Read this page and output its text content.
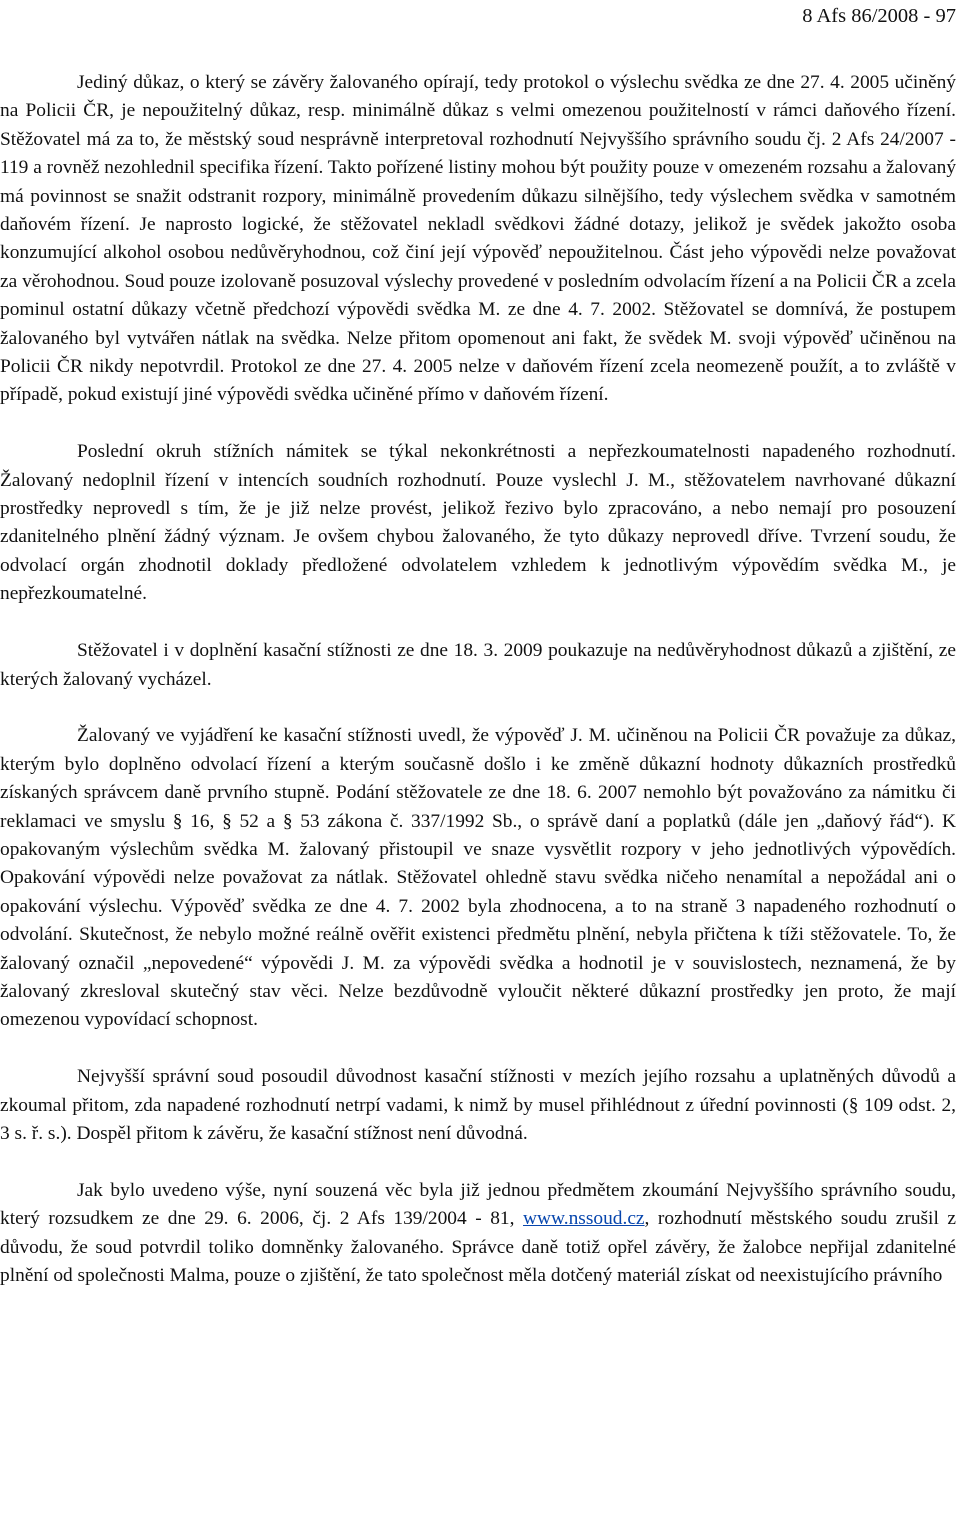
8 Afs 86/2008 - 97

Jediný důkaz, o který se závěry žalovaného opírají, tedy protokol o výslechu svědka ze dne 27. 4. 2005 učiněný na Policii ČR, je nepoužitelný důkaz, resp. minimálně důkaz s velmi omezenou použitelností v rámci daňového řízení. Stěžovatel má za to, že městský soud nesprávně interpretoval rozhodnutí Nejvyššího správního soudu čj. 2 Afs 24/2007 - 119 a rovněž nezohlednil specifika řízení. Takto pořízené listiny mohou být použity pouze v omezeném rozsahu a žalovaný má povinnost se snažit odstranit rozpory, minimálně provedením důkazu silnějšího, tedy výslechem svědka v samotném daňovém řízení. Je naprosto logické, že stěžovatel nekladl svědkovi žádné dotazy, jelikož je svědek jakožto osoba konzumující alkohol osobou nedůvěryhodnou, což činí její výpověď nepoužitelnou. Část jeho výpovědi nelze považovat za věrohodnou. Soud pouze izolovaně posuzoval výslechy provedené v posledním odvolacím řízení a na Policii ČR a zcela pominul ostatní důkazy včetně předchozí výpovědi svědka M. ze dne 4. 7. 2002. Stěžovatel se domnívá, že postupem žalovaného byl vytvářen nátlak na svědka. Nelze přitom opomenout ani fakt, že svědek M. svoji výpověď učiněnou na Policii ČR nikdy nepotvrdil. Protokol ze dne 27. 4. 2005 nelze v daňovém řízení zcela neomezeně použít, a to zvláště v případě, pokud existují jiné výpovědi svědka učiněné přímo v daňovém řízení.

Poslední okruh stížních námitek se týkal nekonkrétnosti a nepřezkoumatelnosti napadeného rozhodnutí. Žalovaný nedoplnil řízení v intencích soudních rozhodnutí. Pouze vyslechl J. M., stěžovatelem navrhované důkazní prostředky neprovedl s tím, že je již nelze provést, jelikož řezivo bylo zpracováno, a nebo nemají pro posouzení zdanitelného plnění žádný význam. Je ovšem chybou žalovaného, že tyto důkazy neprovedl dříve. Tvrzení soudu, že odvolací orgán zhodnotil doklady předložené odvolatelem vzhledem k jednotlivým výpovědím svědka M., je nepřezkoumatelné.

Stěžovatel i v doplnění kasační stížnosti ze dne 18. 3. 2009 poukazuje na nedůvěryhodnost důkazů a zjištění, ze kterých žalovaný vycházel.

Žalovaný ve vyjádření ke kasační stížnosti uvedl, že výpověď J. M. učiněnou na Policii ČR považuje za důkaz, kterým bylo doplněno odvolací řízení a kterým současně došlo i ke změně důkazní hodnoty důkazních prostředků získaných správcem daně prvního stupně. Podání stěžovatele ze dne 18. 6. 2007 nemohlo být považováno za námitku či reklamaci ve smyslu § 16, § 52 a § 53 zákona č. 337/1992 Sb., o správě daní a poplatků (dále jen „daňový řád“). K opakovaným výslechům svědka M. žalovaný přistoupil ve snaze vysvětlit rozpory v jeho jednotlivých výpovědích. Opakování výpovědi nelze považovat za nátlak. Stěžovatel ohledně stavu svědka ničeho nenamítal a nepožádal ani o opakování výslechu. Výpověď svědka ze dne 4. 7. 2002 byla zhodnocena, a to na straně 3 napadeného rozhodnutí o odvolání. Skutečnost, že nebylo možné reálně ověřit existenci předmětu plnění, nebyla přičtena k tíži stěžovatele. To, že žalovaný označil „nepovedené“ výpovědi J. M. za výpovědi svědka a hodnotil je v souvislostech, neznamená, že by žalovaný zkresloval skutečný stav věci. Nelze bezdůvodně vyloučit některé důkazní prostředky jen proto, že mají omezenou vypovídací schopnost.

Nejvyšší správní soud posoudil důvodnost kasační stížnosti v mezích jejího rozsahu a uplatněných důvodů a zkoumal přitom, zda napadené rozhodnutí netrpí vadami, k nimž by musel přihlédnout z úřední povinnosti (§ 109 odst. 2, 3 s. ř. s.). Dospěl přitom k závěru, že kasační stížnost není důvodná.

Jak bylo uvedeno výše, nyní souzená věc byla již jednou předmětem zkoumání Nejvyššího správního soudu, který rozsudkem ze dne 29. 6. 2006, čj. 2 Afs 139/2004 - 81, www.nssoud.cz, rozhodnutí městského soudu zrušil z důvodu, že soud potvrdil toliko domněnky žalovaného. Správce daně totiž opřel závěry, že žalobce nepřijal zdanitelné plnění od společnosti Malma, pouze o zjištění, že tato společnost měla dotčený materiál získat od neexistujícího právního
